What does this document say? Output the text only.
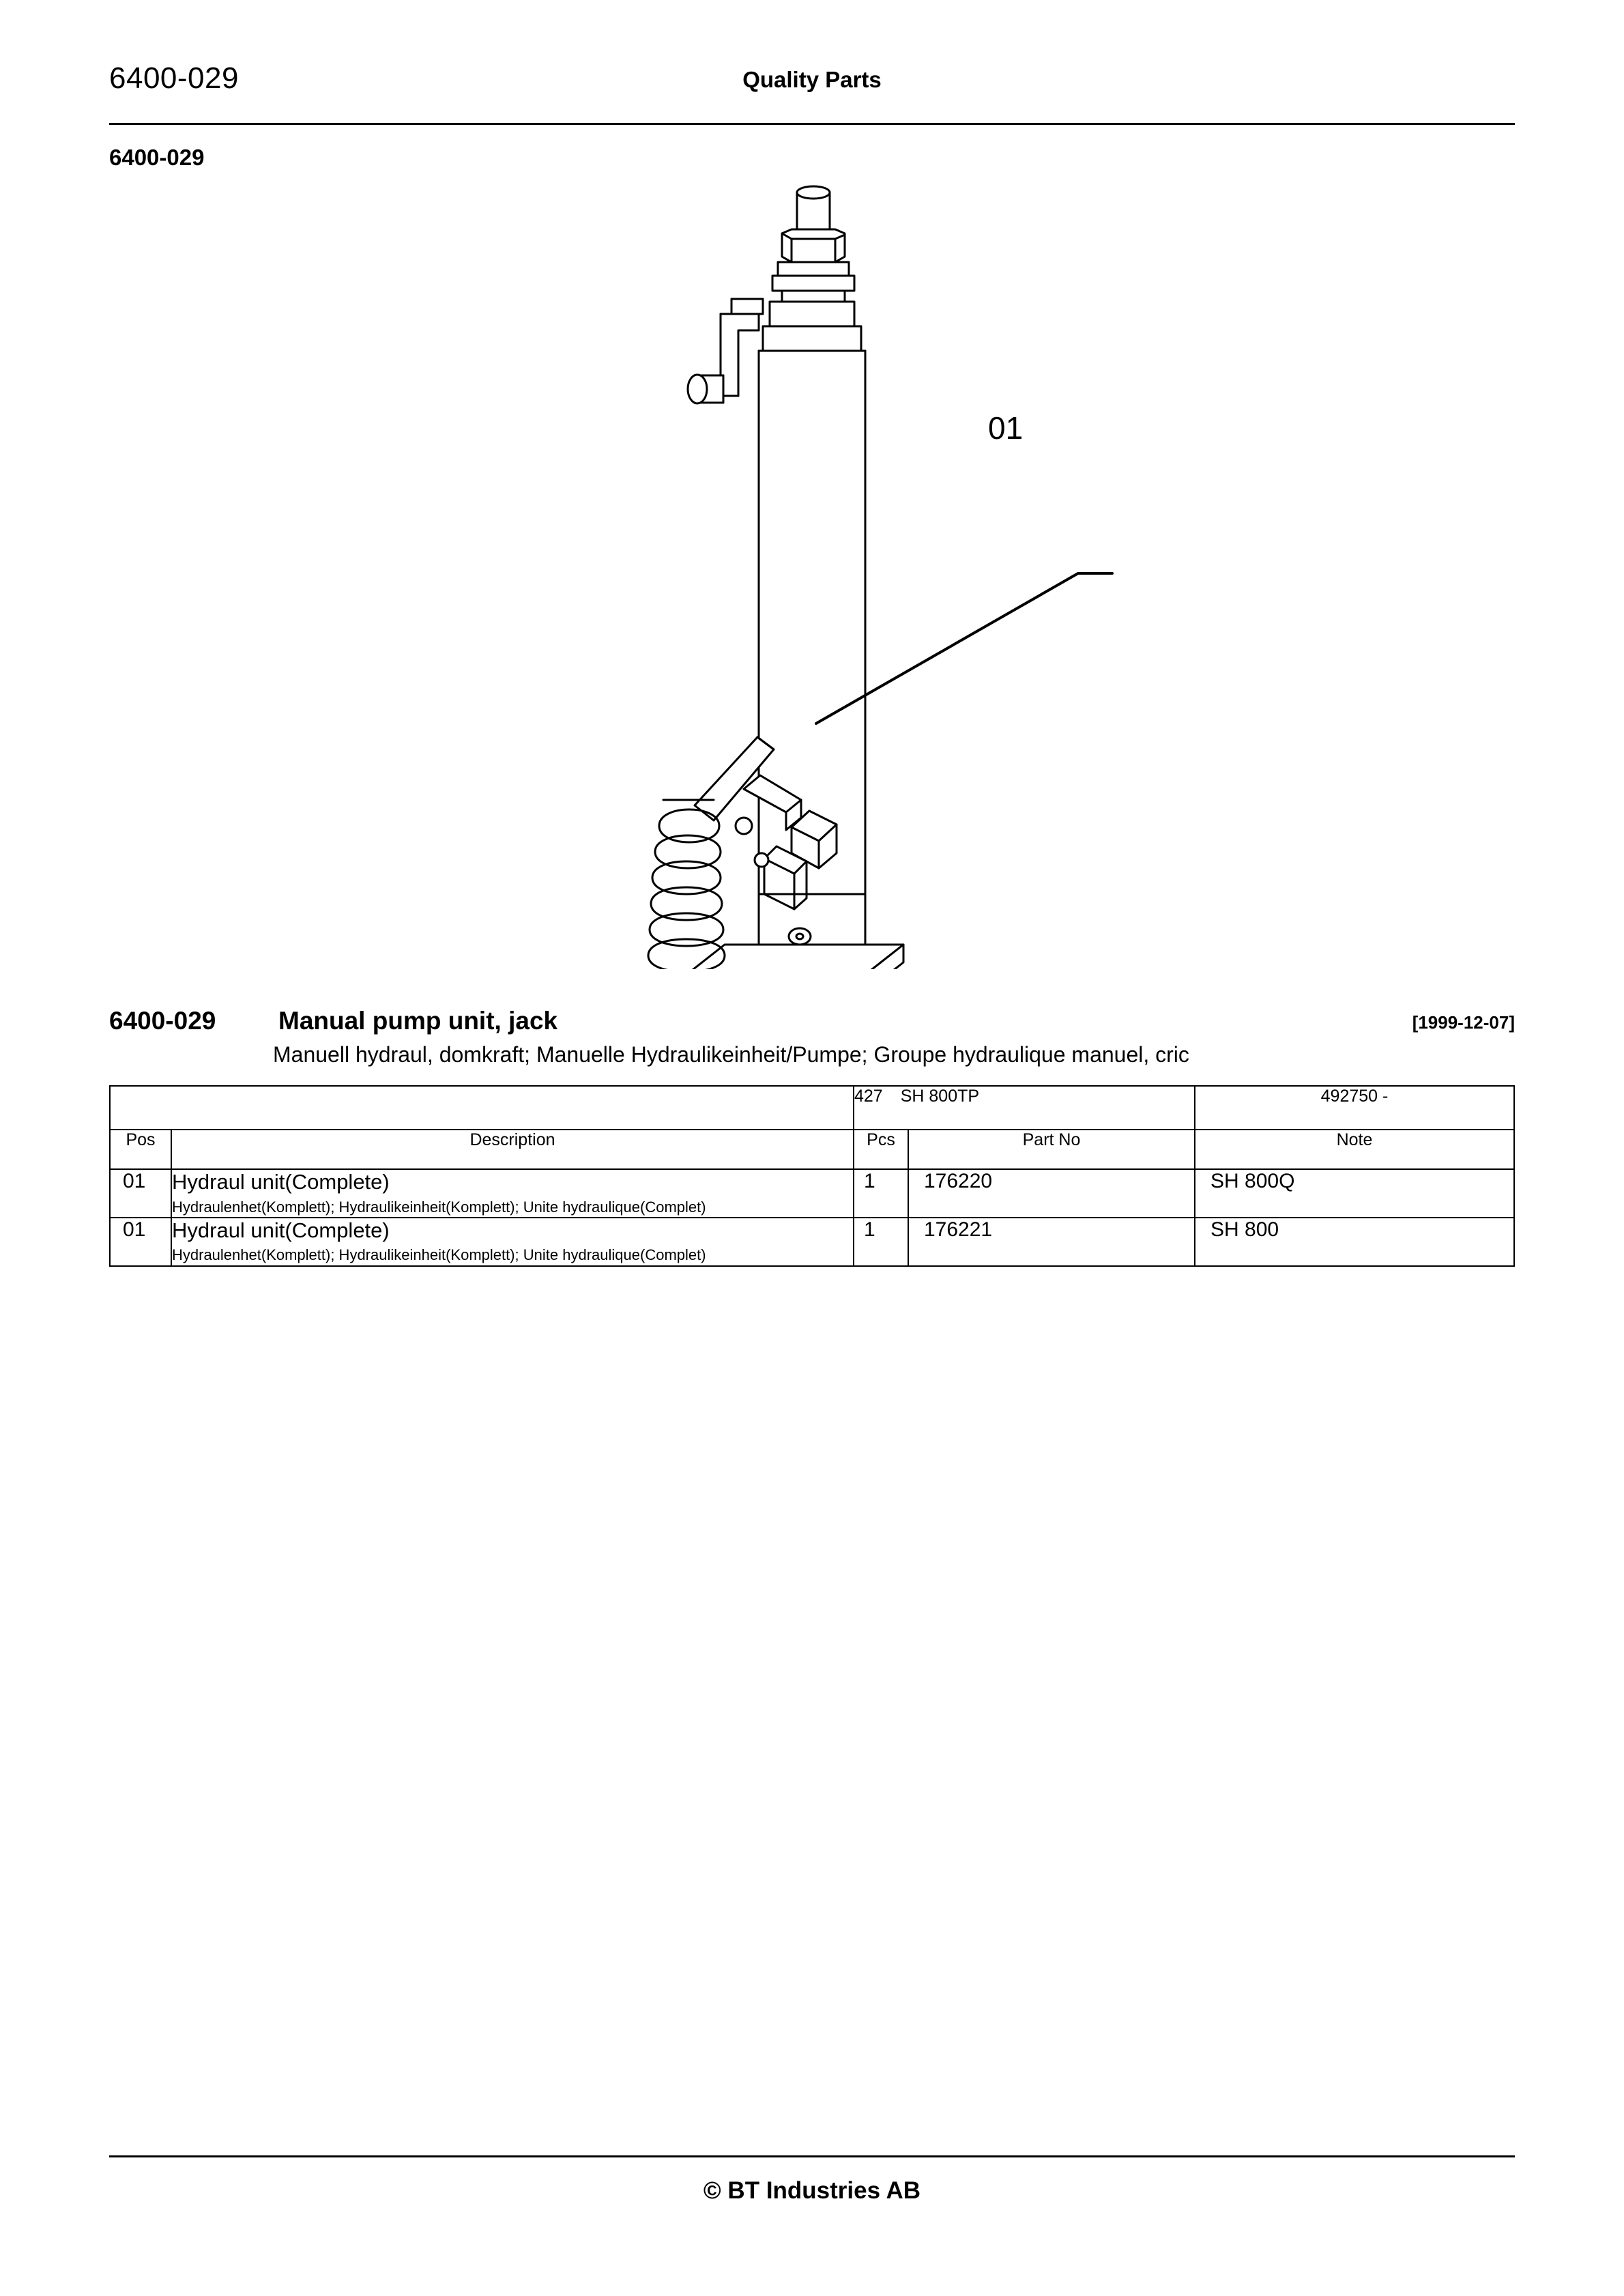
6400-029	Quality Parts
6400-029
01
6400-029 Manual pump unit, jack	[1999-12-07]
Manuell hydraul, domkraft; Manuelle Hydraulikeinheit/Pumpe; Groupe hydraulique manuel, cric
		427 SH 800TP		492750 -
Pos	Description	Pcs	Part No	Note
01	Hydraul unit(Complete)
Hydraulenhet(Komplett); Hydraulikeinheit(Komplett); Unite hydraulique(Complet)	1	176220	SH 800Q
01	Hydraul unit(Complete)
Hydraulenhet(Komplett); Hydraulikeinheit(Komplett); Unite hydraulique(Complet)	1	176221	SH 800
© BT Industries AB
